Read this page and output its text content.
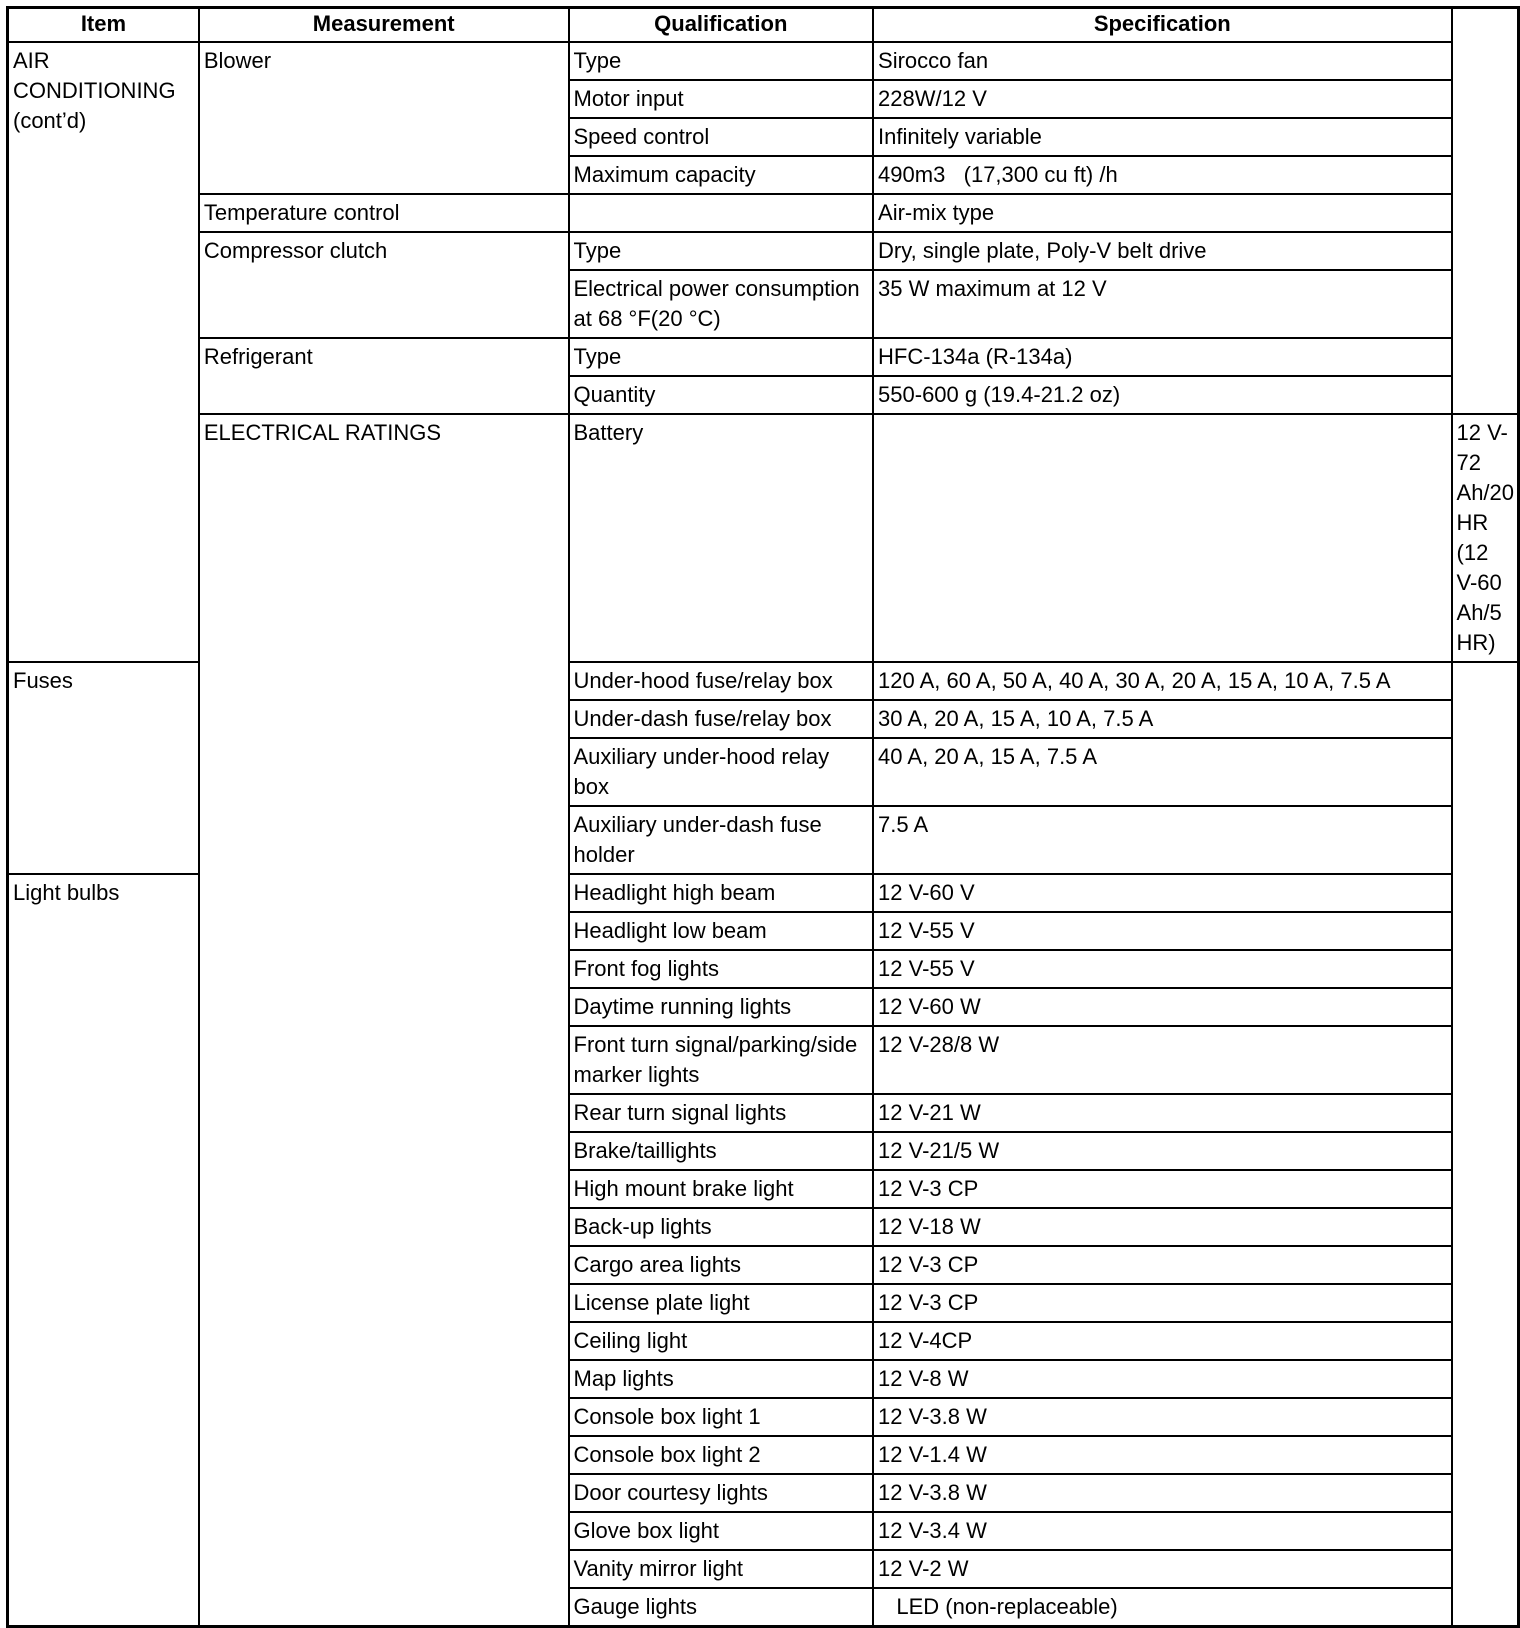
Item	Measurement	Qualification	Specification	
AIR CONDITIONING (cont’d)	Blower	Type	Sirocco fan	
		Motor input	228W/12 V	
		Speed control	Infinitely variable	
		Maximum capacity	490m3   (17,300 cu ft) /h	
	Temperature control		Air-mix type	
	Compressor clutch	Type	Dry, single plate, Poly-V belt drive	
		Electrical power consumption at 68 °F(20 °C)	35 W maximum at 12 V	
	Refrigerant	Type	HFC-134a (R-134a)	
		Quantity	550-600 g (19.4-21.2 oz)	
	ELECTRICAL RATINGS	Battery		12 V-72 Ah/20 HR (12 V-60 Ah/5 HR)
Fuses		Under-hood fuse/relay box	120 A, 60 A, 50 A, 40 A, 30 A, 20 A, 15 A, 10 A, 7.5 A	
		Under-dash fuse/relay box	30 A, 20 A, 15 A, 10 A, 7.5 A	
		Auxiliary under-hood relay box	40 A, 20 A, 15 A, 7.5 A	
		Auxiliary under-dash fuse holder	7.5 A	
Light bulbs		Headlight high beam	12 V-60 V	
		Headlight low beam	12 V-55 V	
		Front fog lights	12 V-55 V	
		Daytime running lights	12 V-60 W	
		Front turn signal/parking/side marker lights	12 V-28/8 W	
		Rear turn signal lights	12 V-21 W	
		Brake/taillights	12 V-21/5 W	
		High mount brake light	12 V-3 CP	
		Back-up lights	12 V-18 W	
		Cargo area lights	12 V-3 CP	
		License plate light	12 V-3 CP	
		Ceiling light	12 V-4CP	
		Map lights	12 V-8 W	
		Console box light 1	12 V-3.8 W	
		Console box light 2	12 V-1.4 W	
		Door courtesy lights	12 V-3.8 W	
		Glove box light	12 V-3.4 W	
		Vanity mirror light	12 V-2 W	
		Gauge lights	LED (non-replaceable)	
